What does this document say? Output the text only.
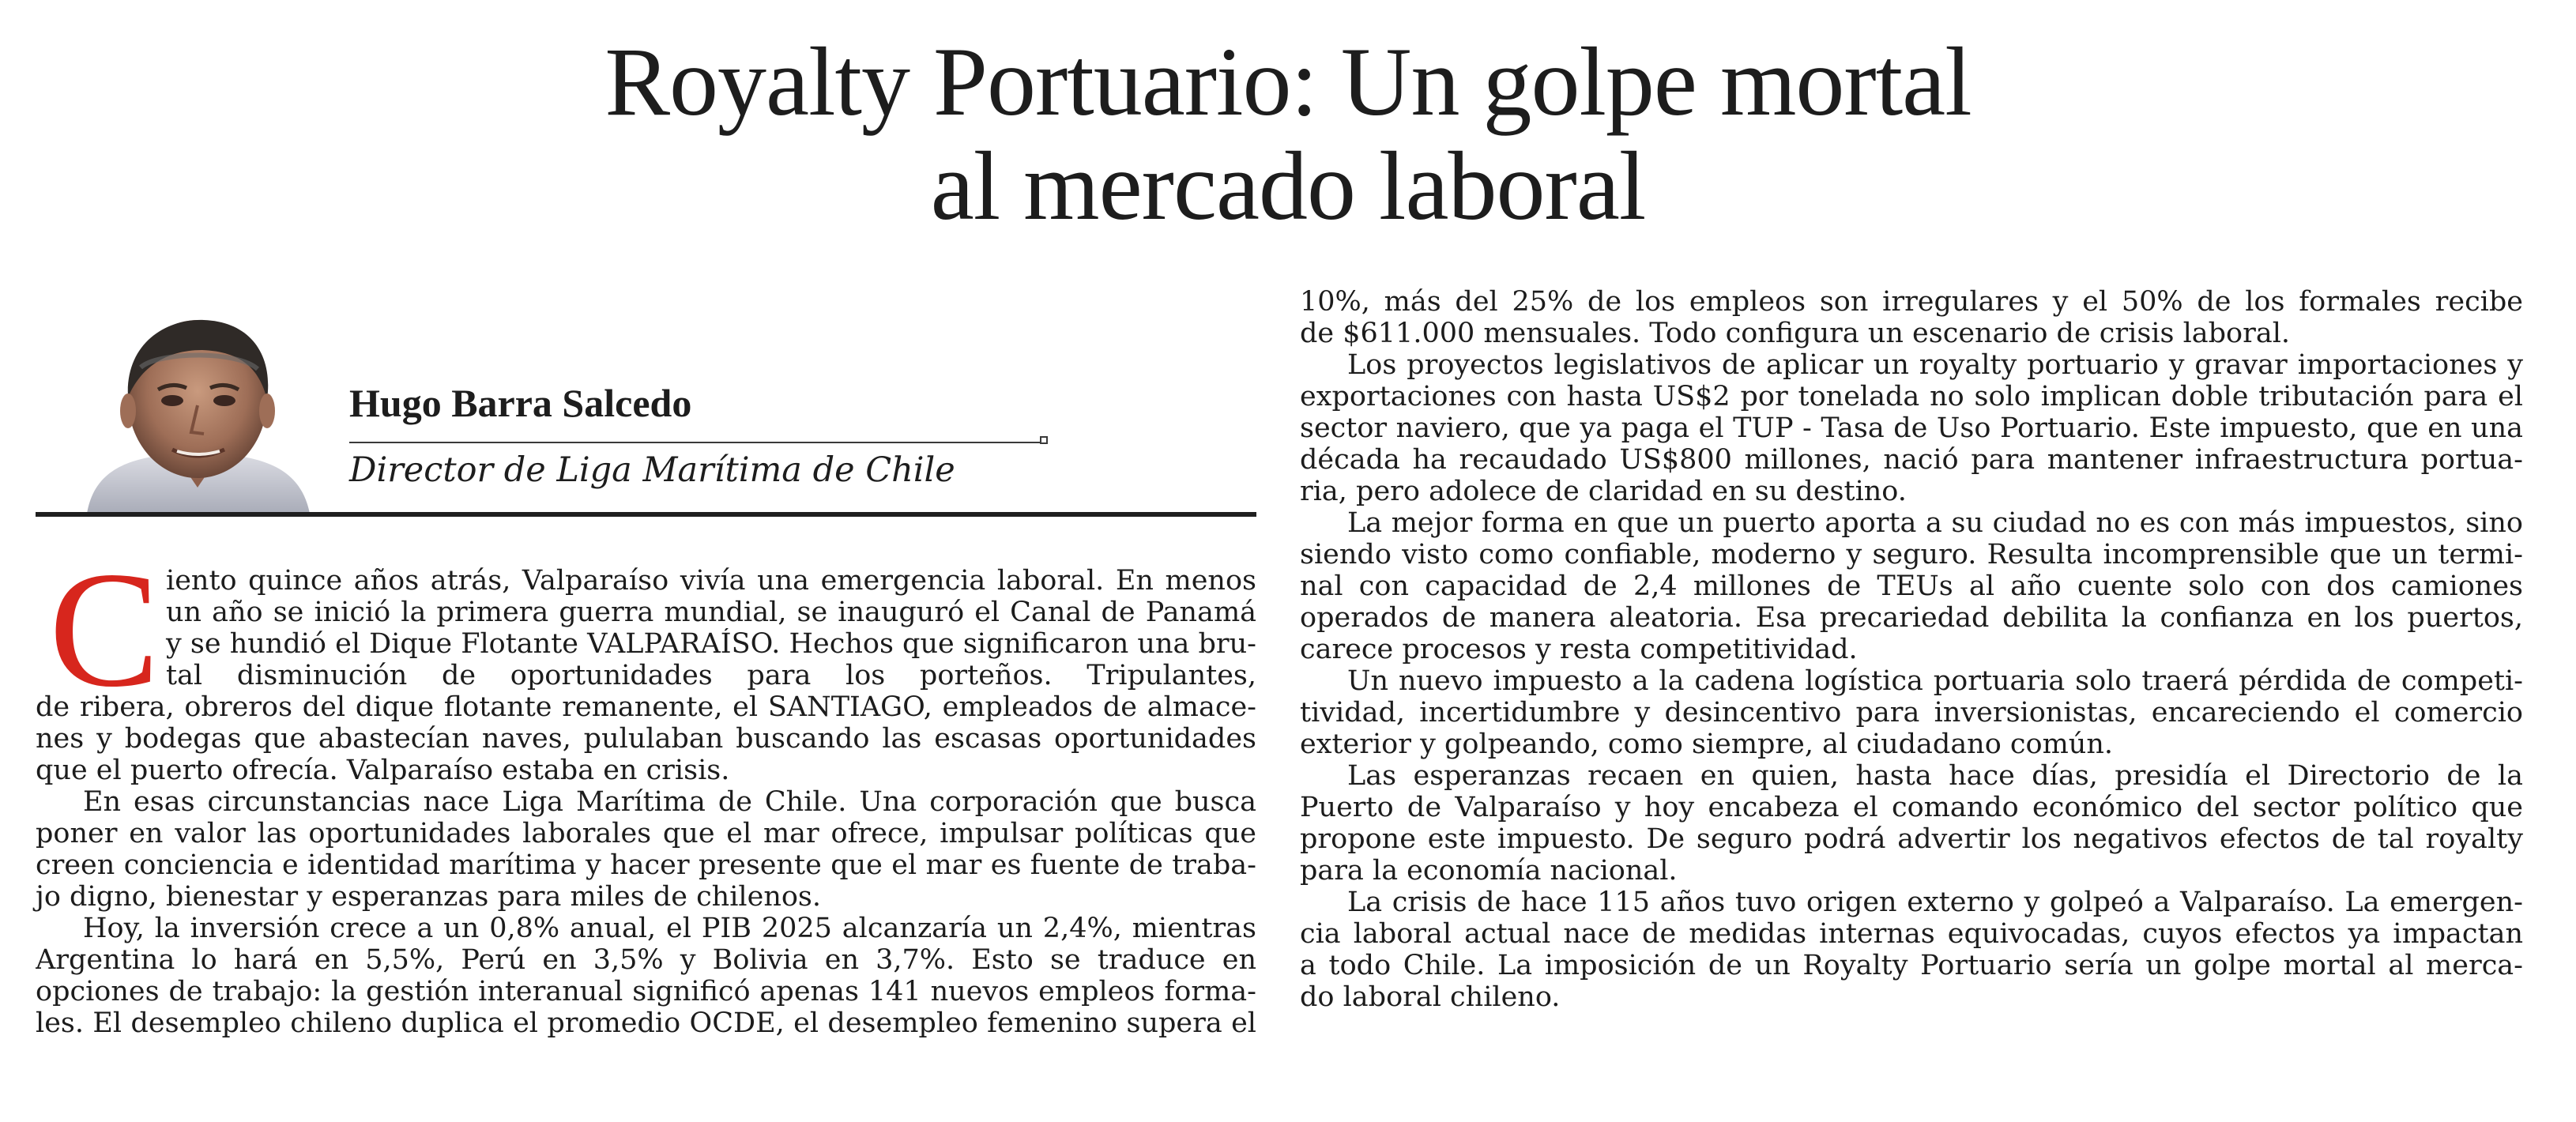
Royalty Portuario: Un golpe mortal
al mercado laboral
Hugo Barra Salcedo
Director de Liga Marítima de Chile
C iento quince años atrás, Valparaíso vivía una emergencia laboral. En menos
un año se inició la primera guerra mundial, se inauguró el Canal de Panamá
y se hundió el Dique Flotante VALPARAÍSO. Hechos que significaron una bru-
tal disminución de oportunidades para los porteños. Tripulantes,
de ribera, obreros del dique flotante remanente, el SANTIAGO, empleados de almace-
nes y bodegas que abastecían naves, pululaban buscando las escasas oportunidades
que el puerto ofrecía. Valparaíso estaba en crisis.
En esas circunstancias nace Liga Marítima de Chile. Una corporación que busca
poner en valor las oportunidades laborales que el mar ofrece, impulsar políticas que
creen conciencia e identidad marítima y hacer presente que el mar es fuente de traba-
jo digno, bienestar y esperanzas para miles de chilenos.
Hoy, la inversión crece a un 0,8% anual, el PIB 2025 alcanzaría un 2,4%, mientras
Argentina lo hará en 5,5%, Perú en 3,5% y Bolivia en 3,7%. Esto se traduce en
opciones de trabajo: la gestión interanual significó apenas 141 nuevos empleos forma-
les. El desempleo chileno duplica el promedio OCDE, el desempleo femenino supera el
10%, más del 25% de los empleos son irregulares y el 50% de los formales recibe
de $611.000 mensuales. Todo configura un escenario de crisis laboral.
Los proyectos legislativos de aplicar un royalty portuario y gravar importaciones y
exportaciones con hasta US$2 por tonelada no solo implican doble tributación para el
sector naviero, que ya paga el TUP - Tasa de Uso Portuario. Este impuesto, que en una
década ha recaudado US$800 millones, nació para mantener infraestructura portua-
ria, pero adolece de claridad en su destino.
La mejor forma en que un puerto aporta a su ciudad no es con más impuestos, sino
siendo visto como confiable, moderno y seguro. Resulta incomprensible que un termi-
nal con capacidad de 2,4 millones de TEUs al año cuente solo con dos camiones
operados de manera aleatoria. Esa precariedad debilita la confianza en los puertos,
carece procesos y resta competitividad.
Un nuevo impuesto a la cadena logística portuaria solo traerá pérdida de competi-
tividad, incertidumbre y desincentivo para inversionistas, encareciendo el comercio
exterior y golpeando, como siempre, al ciudadano común.
Las esperanzas recaen en quien, hasta hace días, presidía el Directorio de la
Puerto de Valparaíso y hoy encabeza el comando económico del sector político que
propone este impuesto. De seguro podrá advertir los negativos efectos de tal royalty
para la economía nacional.
La crisis de hace 115 años tuvo origen externo y golpeó a Valparaíso. La emergen-
cia laboral actual nace de medidas internas equivocadas, cuyos efectos ya impactan
a todo Chile. La imposición de un Royalty Portuario sería un golpe mortal al merca-
do laboral chileno.
